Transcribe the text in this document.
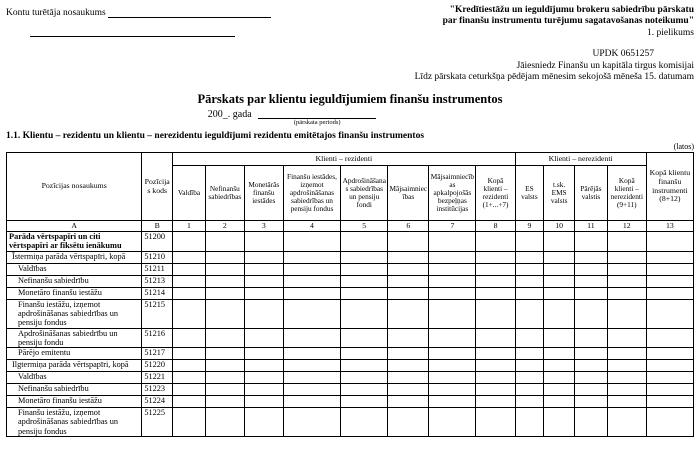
Kontu turētāja nosaukums	"Kredītiestāžu un ieguldījumu brokeru sabiedrību pārskatu
par finanšu instrumentu turējumu sagatavošanas noteikumu"
1. pielikums
UPDK 0651257
Jāiesniedz Finanšu un kapitāla tirgus komisijai
Līdz pārskata ceturkšņa pēdējam mēnesim sekojošā mēneša 15. datumam
Pārskats par klientu ieguldījumiem finanšu instrumentos
200_. gada
(pārskata periods)
1.1. Klientu – rezidentu un klientu – nerezidentu ieguldījumi rezidentu emitētajos finanšu instrumentos
(latos)
Pozīcijas nosaukums	Pozīcijas kods	Klienti – rezidenti								Klienti – nerezidenti				Kopā klientu finanšu instrumenti (8+12)
		Valdība	Nefinanšu sabiedrības	Monetārās finanšu iestādes	Finanšu iestādes, izņemot apdrošināšanas sabiedrības un pensiju fondus	Apdrošināšanas sabiedrības un pensiju fondi	Mājsaimniecības	Mājsaimniecības apkalpojošās bezpeļņas institūcijas	Kopā klienti – rezidenti (1+...+7)	ES valsts	t.sk. EMS valsts	Pārējās valstis	Kopā klienti – nerezidenti (9+11)	
A	B	1	2	3	4	5	6	7	8	9	10	11	12	13
Parāda vērtspapīri un citi vērtspapīri ar fiksētu ienākumu	51200													
Īstermiņa parāda vērtspapīri, kopā	51210													
Valdības	51211													
Nefinanšu sabiedrību	51213													
Monetāro finanšu iestāžu	51214													
Finanšu iestāžu, izņemot apdrošināšanas sabiedrības un pensiju fondus	51215													
Apdrošināšanas sabiedrību un pensiju fondu	51216													
Pārējo emitentu	51217													
Ilgtermiņa parāda vērtspapīri, kopā	51220													
Valdības	51221													
Nefinanšu sabiedrību	51223													
Monetāro finanšu iestāžu	51224													
Finanšu iestāžu, izņemot apdrošināšanas sabiedrības un pensiju fondus	51225													
